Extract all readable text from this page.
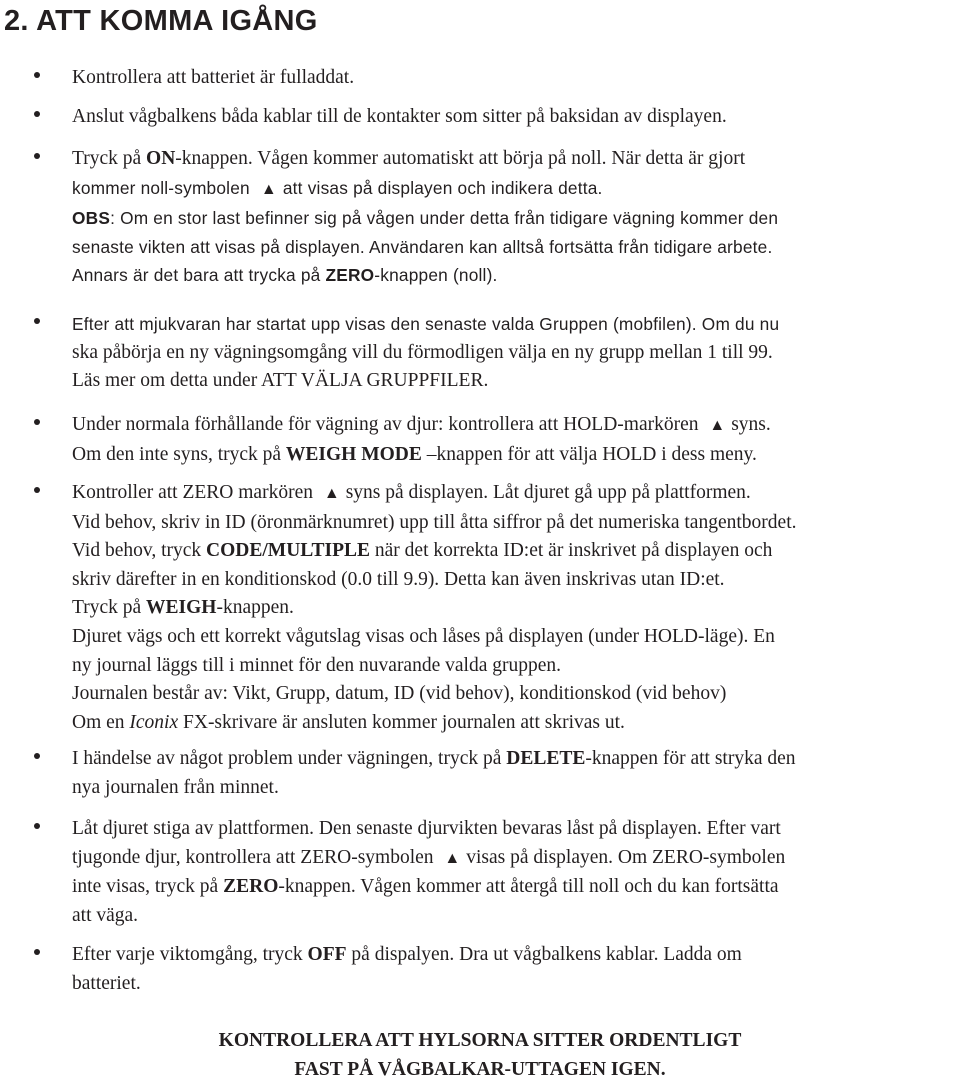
2. ATT KOMMA IGÅNG
Kontrollera att batteriet är fulladdat.
Anslut vågbalkens båda kablar till de kontakter som sitter på baksidan av displayen.
Tryck på ON-knappen. Vågen kommer automatiskt att börja på noll. När detta är gjort
kommer noll-symbolen ▲ att visas på displayen och indikera detta.
OBS: Om en stor last befinner sig på vågen under detta från tidigare vägning kommer den
senaste vikten att visas på displayen. Användaren kan alltså fortsätta från tidigare arbete.
Annars är det bara att trycka på ZERO-knappen (noll).
Efter att mjukvaran har startat upp visas den senaste valda Gruppen (mobfilen). Om du nu
ska påbörja en ny vägningsomgång vill du förmodligen välja en ny grupp mellan 1 till 99.
Läs mer om detta under ATT VÄLJA GRUPPFILER.
Under normala förhållande för vägning av djur: kontrollera att HOLD-markören ▲ syns.
Om den inte syns, tryck på WEIGH MODE –knappen för att välja HOLD i dess meny.
Kontroller att ZERO markören ▲ syns på displayen. Låt djuret gå upp på plattformen.
Vid behov, skriv in ID (öronmärknumret) upp till åtta siffror på det numeriska tangentbordet.
Vid behov, tryck CODE/MULTIPLE när det korrekta ID:et är inskrivet på displayen och
skriv därefter in en konditionskod (0.0 till 9.9). Detta kan även inskrivas utan ID:et.
Tryck på WEIGH-knappen.
Djuret vägs och ett korrekt vågutslag visas och låses på displayen (under HOLD-läge). En
ny journal läggs till i minnet för den nuvarande valda gruppen.
Journalen består av: Vikt, Grupp, datum, ID (vid behov), konditionskod (vid behov)
Om en Iconix FX-skrivare är ansluten kommer journalen att skrivas ut.
I händelse av något problem under vägningen, tryck på DELETE-knappen för att stryka den
nya journalen från minnet.
Låt djuret stiga av plattformen. Den senaste djurvikten bevaras låst på displayen. Efter vart
tjugonde djur, kontrollera att ZERO-symbolen ▲ visas på displayen. Om ZERO-symbolen
inte visas, tryck på ZERO-knappen. Vågen kommer att återgå till noll och du kan fortsätta
att väga.
Efter varje viktomgång, tryck OFF på dispalyen. Dra ut vågbalkens kablar. Ladda om
batteriet.
KONTROLLERA ATT HYLSORNA SITTER ORDENTLIGT
FAST PÅ VÅGBALKAR-UTTAGEN IGEN.
